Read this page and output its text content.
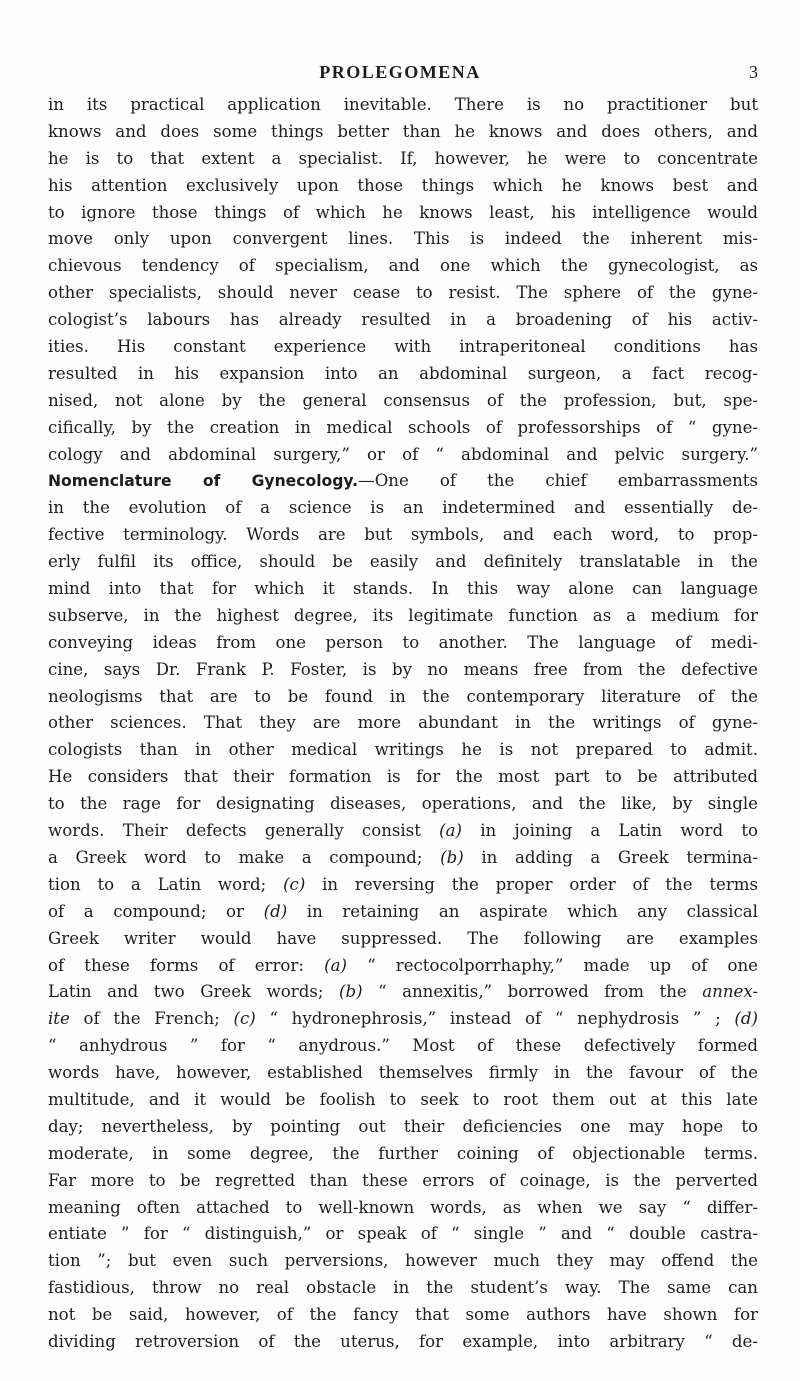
PROLEGOMENA	3
in its practical application inevitable. There is no practitioner but
knows and does some things better than he knows and does others, and
he is to that extent a specialist. If, however, he were to concentrate
his attention exclusively upon those things which he knows best and
to ignore those things of which he knows least, his intelligence would
move only upon convergent lines. This is indeed the inherent mis-
chievous tendency of specialism, and one which the gynecologist, as
other specialists, should never cease to resist. The sphere of the gyne-
cologist’s labours has already resulted in a broadening of his activ-
ities. His constant experience with intraperitoneal conditions has
resulted in his expansion into an abdominal surgeon, a fact recog-
nised, not alone by the general consensus of the profession, but, spe-
cifically, by the creation in medical schools of professorships of “ gyne-
cology and abdominal surgery,” or of “ abdominal and pelvic surgery.”
Nomenclature of Gynecology.—One of the chief embarrassments
in the evolution of a science is an indetermined and essentially de-
fective terminology. Words are but symbols, and each word, to prop-
erly fulfil its office, should be easily and definitely translatable in the
mind into that for which it stands. In this way alone can language
subserve, in the highest degree, its legitimate function as a medium for
conveying ideas from one person to another. The language of medi-
cine, says Dr. Frank P. Foster, is by no means free from the defective
neologisms that are to be found in the contemporary literature of the
other sciences. That they are more abundant in the writings of gyne-
cologists than in other medical writings he is not prepared to admit.
He considers that their formation is for the most part to be attributed
to the rage for designating diseases, operations, and the like, by single
words. Their defects generally consist (a) in joining a Latin word to
a Greek word to make a compound; (b) in adding a Greek termina-
tion to a Latin word; (c) in reversing the proper order of the terms
of a compound; or (d) in retaining an aspirate which any classical
Greek writer would have suppressed. The following are examples
of these forms of error: (a) “ rectocolporrhaphy,” made up of one
Latin and two Greek words; (b) “ annexitis,” borrowed from the annex-
ite of the French; (c) “ hydronephrosis,” instead of “ nephydrosis ” ; (d)
“ anhydrous ” for “ anydrous.” Most of these defectively formed
words have, however, established themselves firmly in the favour of the
multitude, and it would be foolish to seek to root them out at this late
day; nevertheless, by pointing out their deficiencies one may hope to
moderate, in some degree, the further coining of objectionable terms.
Far more to be regretted than these errors of coinage, is the perverted
meaning often attached to well-known words, as when we say “ differ-
entiate ” for “ distinguish,” or speak of “ single ” and “ double castra-
tion ”; but even such perversions, however much they may offend the
fastidious, throw no real obstacle in the student’s way. The same can
not be said, however, of the fancy that some authors have shown for
dividing retroversion of the uterus, for example, into arbitrary “ de-
